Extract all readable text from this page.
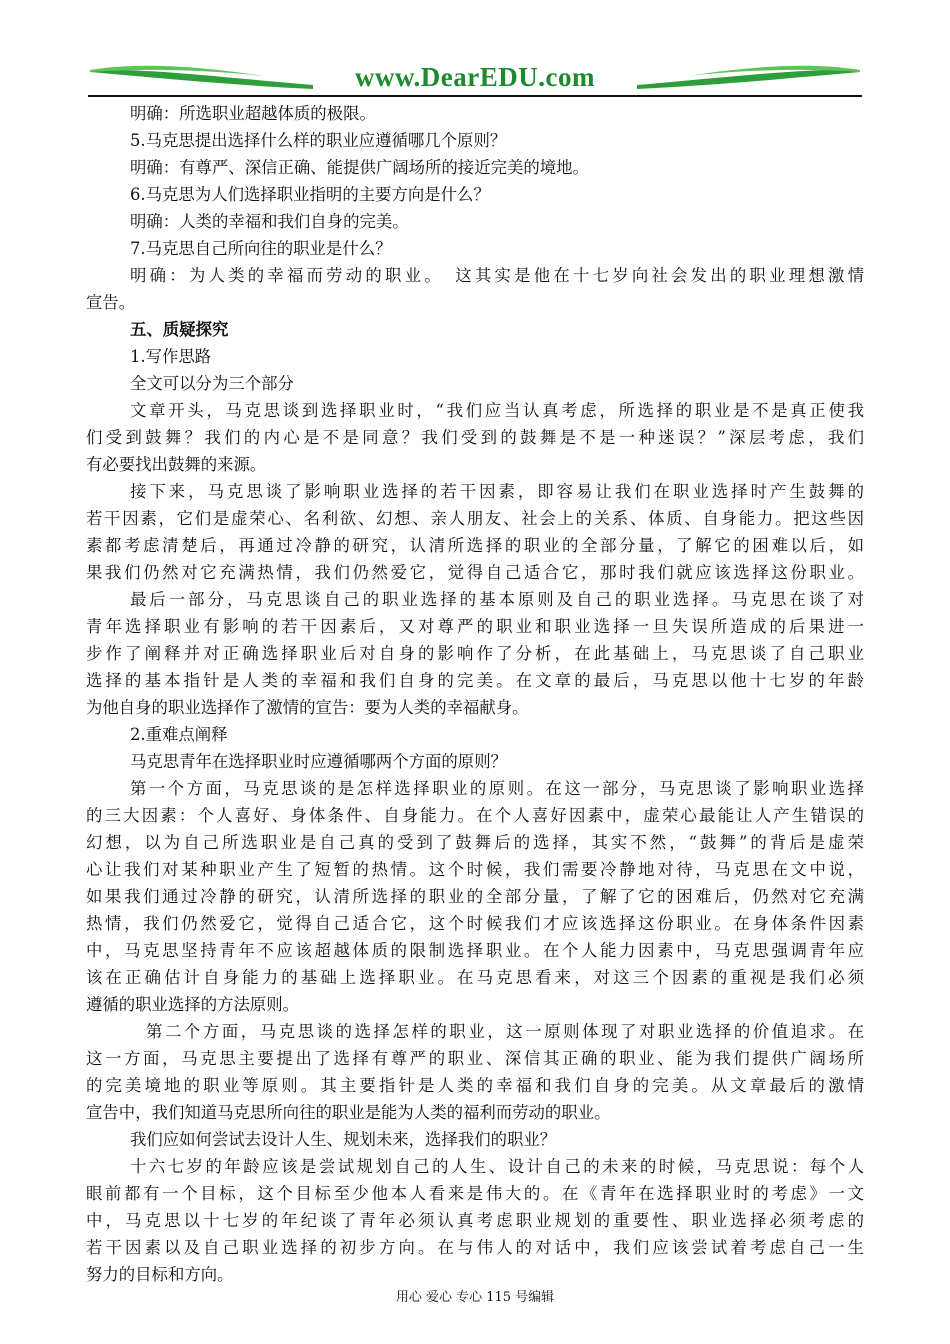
www.DearEDU.com
明确：所选职业超越体质的极限。
5.马克思提出选择什么样的职业应遵循哪几个原则？
明确：有尊严、深信正确、能提供广阔场所的接近完美的境地。
6.马克思为人们选择职业指明的主要方向是什么？
明确：人类的幸福和我们自身的完美。
7.马克思自己所向往的职业是什么？
明确：为人类的幸福而劳动的职业。　这其实是他在十七岁向社会发出的职业理想激情
宣告。
五、质疑探究
1.写作思路
全文可以分为三个部分
文章开头，马克思谈到选择职业时，“我们应当认真考虑，所选择的职业是不是真正使我
们受到鼓舞？我们的内心是不是同意？我们受到的鼓舞是不是一种迷误？”深层考虑，我们
有必要找出鼓舞的来源。
接下来，马克思谈了影响职业选择的若干因素，即容易让我们在职业选择时产生鼓舞的
若干因素，它们是虚荣心、名利欲、幻想、亲人朋友、社会上的关系、体质、自身能力。把这些因
素都考虑清楚后，再通过冷静的研究，认清所选择的职业的全部分量，了解它的困难以后，如
果我们仍然对它充满热情，我们仍然爱它，觉得自己适合它，那时我们就应该选择这份职业。
最后一部分，马克思谈自己的职业选择的基本原则及自己的职业选择。马克思在谈了对
青年选择职业有影响的若干因素后，又对尊严的职业和职业选择一旦失误所造成的后果进一
步作了阐释并对正确选择职业后对自身的影响作了分析，在此基础上，马克思谈了自己职业
选择的基本指针是人类的幸福和我们自身的完美。在文章的最后，马克思以他十七岁的年龄
为他自身的职业选择作了激情的宣告：要为人类的幸福献身。
2.重难点阐释
马克思青年在选择职业时应遵循哪两个方面的原则？
第一个方面，马克思谈的是怎样选择职业的原则。在这一部分，马克思谈了影响职业选择
的三大因素：个人喜好、身体条件、自身能力。在个人喜好因素中，虚荣心最能让人产生错误的
幻想，以为自己所选职业是自己真的受到了鼓舞后的选择，其实不然，“鼓舞”的背后是虚荣
心让我们对某种职业产生了短暂的热情。这个时候，我们需要冷静地对待，马克思在文中说，
如果我们通过冷静的研究，认清所选择的职业的全部分量，了解了它的困难后，仍然对它充满
热情，我们仍然爱它，觉得自己适合它，这个时候我们才应该选择这份职业。在身体条件因素
中，马克思坚持青年不应该超越体质的限制选择职业。在个人能力因素中，马克思强调青年应
该在正确估计自身能力的基础上选择职业。在马克思看来，对这三个因素的重视是我们必须
遵循的职业选择的方法原则。
第二个方面，马克思谈的选择怎样的职业，这一原则体现了对职业选择的价值追求。在
这一方面，马克思主要提出了选择有尊严的职业、深信其正确的职业、能为我们提供广阔场所
的完美境地的职业等原则。其主要指针是人类的幸福和我们自身的完美。从文章最后的激情
宣告中，我们知道马克思所向往的职业是能为人类的福利而劳动的职业。
我们应如何尝试去设计人生、规划未来，选择我们的职业？
十六七岁的年龄应该是尝试规划自己的人生、设计自己的未来的时候，马克思说：每个人
眼前都有一个目标，这个目标至少他本人看来是伟大的。在《青年在选择职业时的考虑》一文
中，马克思以十七岁的年纪谈了青年必须认真考虑职业规划的重要性、职业选择必须考虑的
若干因素以及自己职业选择的初步方向。在与伟人的对话中，我们应该尝试着考虑自己一生
努力的目标和方向。
用心 爱心 专心 115 号编辑
